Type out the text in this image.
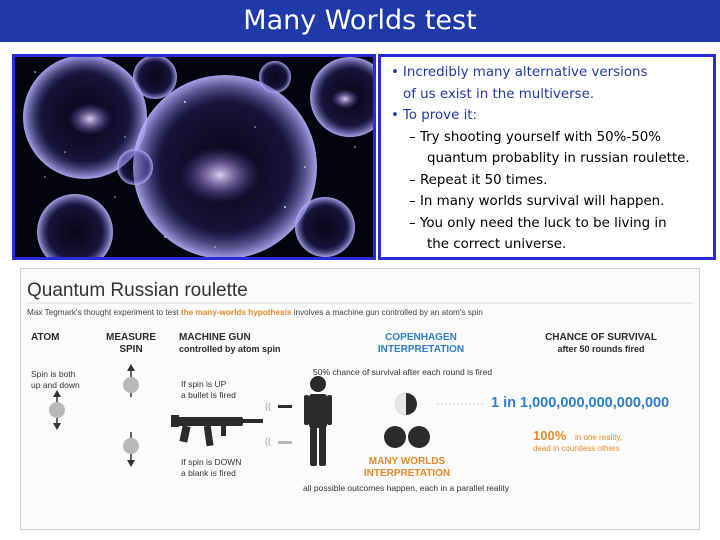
Many Worlds test
• Incredibly many alternative versions
of us exist in the multiverse.
• To prove it:
– Try shooting yourself with 50%-50%
quantum probablity in russian roulette.
– Repeat it 50 times.
– In many worlds survival will happen.
– You only need the luck to be living in
the correct universe.
Quantum Russian roulette
Max Tegmark's thought experiment to test the many-worlds hypothesis involves a machine gun controlled by an atom's spin
ATOM	MEASURE
SPIN
MACHINE GUN
controlled by atom spin
COPENHAGEN
INTERPRETATION
CHANCE OF SURVIVAL
after 50 rounds fired
Spin is both
up and down	If spin is UP
a bullet is fired
If spin is DOWN
a blank is fired
((
((
50% chance of survival after each round is fired
1 in 1,000,000,000,000,000
100% in one reality,
dead in countless others
MANY WORLDS
INTERPRETATION
all possible outcomes happen, each in a parallel reality
